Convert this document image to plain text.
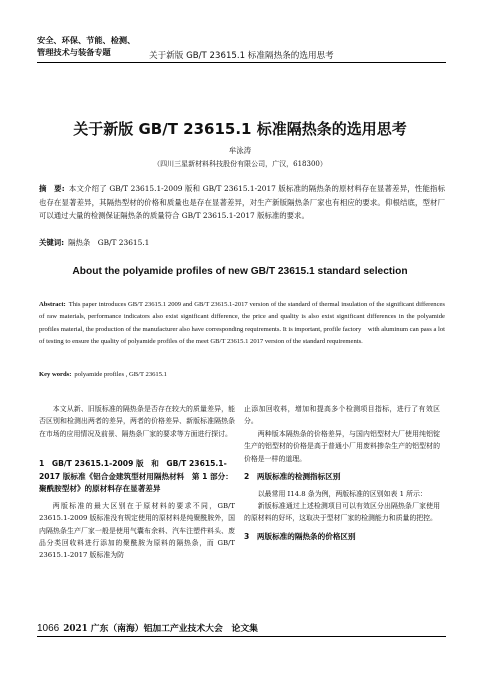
安全、环保、节能、检测、
管理技术与装备专题	关于新版 GB/T 23615.1 标准隔热条的选用思考
关于新版 GB/T 23615.1 标准隔热条的选用思考
牟泳涛
（四川三星新材料科技股份有限公司，广汉，618300）
摘　要: 本文介绍了 GB/T 23615.1-2009 版和 GB/T 23615.1-2017 版标准的隔热条的原材料存在显著差异，性能指标也存在显著差异，其隔热型材的价格和质量也是存在显著差异，对生产新版隔热条厂家也有相应的要求。仰根结底，型材厂可以通过大量的检测保证隔热条的质量符合 GB/T 23615.1-2017 版标准的要求。
关键词: 隔热条　GB/T 23615.1
About the polyamide profiles of new GB/T 23615.1 standard selection
Abstract: This paper introduces GB/T 23615.1 2009 and GB/T 23615.1-2017 version of the standard of thermal insulation of the significant differences of raw materials, performance indicators also exist significant difference, the price and quality is also exist significant differences in the polyamide profiles material, the production of the manufacturer also have corresponding requirements. It is important, profile factory　with aluminum can pass a lot of testing to ensure the quality of polyamide profiles of the meet GB/T 23615.1 2017 version of the standard requirements.
Key words: polyamide profiles , GB/T 23615.1

本文从新、旧版标准的隔热条是否存在较大的质量差异，能否区别和检测出两者的差异，两者的价格差异、新版标准隔热条在市场的应用情况及前景、隔热条厂家的要求等方面进行探讨。

1　GB/T 23615.1-2009 版　和　GB/T 23615.1-2017 版标准《铝合金建筑型材用隔热材料　第 1 部分：聚酰胺型材》的原材料存在显著差异

两版标准的最大区别在于原材料的要求不同，GB/T 23615.1-2009 版标准没有规定使用的原材料是纯聚酰胺外，国内隔热条生产厂家一般是使用气囊布余料、汽车注塑件料头、废品分类回收料进行添加的聚酰胺为原料的隔热条，而 GB/T 23615.1-2017 版标准为防

止添加回收料，增加和提高多个检测项目指标，进行了有效区分。

两种版本隔热条的价格差异，与国内铝型材大厂使用纯铝锭生产的铝型材的价格是高于普通小厂用废料掺杂生产的铝型材的价格是一样的道理。

2　两版标准的检测指标区别

以最常用 I14.8 条为例，两版标准的区别如表 1 所示：

新版标准通过上述检测项目可以有效区分出隔热条厂家使用的原材料的好坏，这取决于型材厂家的检测能力和质量的把控。

3　两版标准的隔热条的价格区别
1066 2021 广东（南海）铝加工产业技术大会　论文集
